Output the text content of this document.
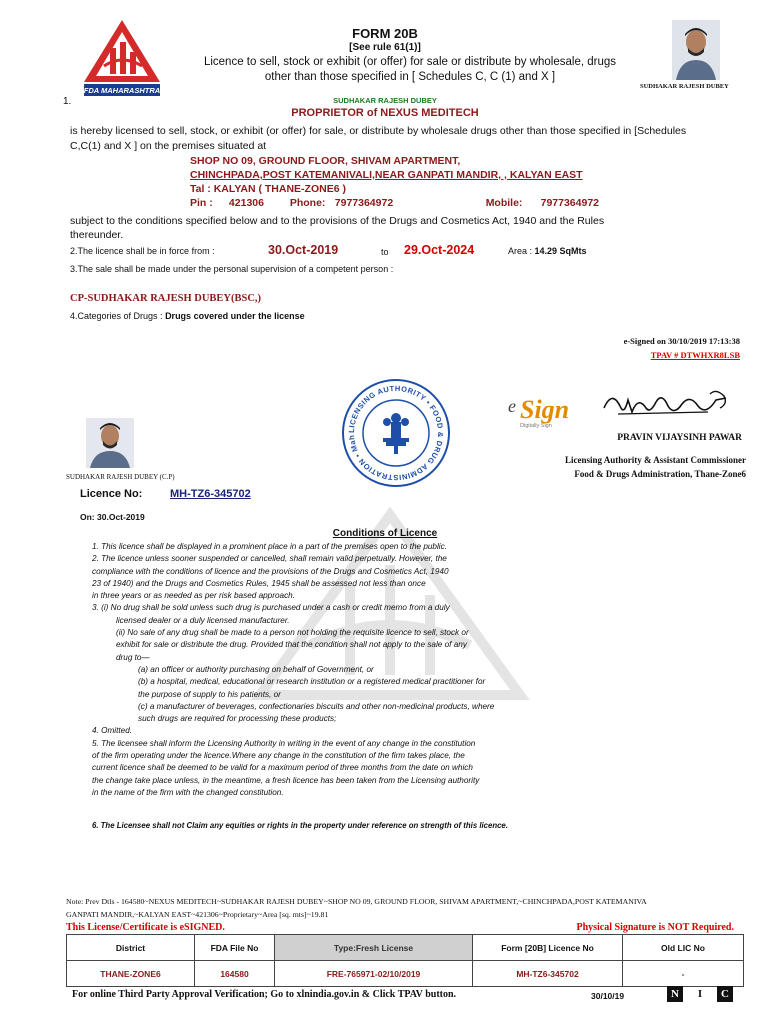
FDA MAHARASHTRA
FORM 20B
[See rule 61(1)]
Licence to sell, stock or exhibit (or offer) for sale or distribute by wholesale, drugs other than those specified in [ Schedules C, C (1) and X ]
SUDHAKAR RAJESH DUBEY
1.	SUDHAKAR RAJESH DUBEY
PROPRIETOR of NEXUS MEDITECH
is hereby licensed to sell, stock, or exhibit (or offer) for sale, or distribute by wholesale drugs other than those specified in [Schedules C,C(1) and X ] on the premises situated at
SHOP NO 09, GROUND FLOOR, SHIVAM APARTMENT,
CHINCHPADA,POST KATEMANIVALI,NEAR GANPATI MANDIR, , KALYAN EAST
Tal : KALYAN ( THANE-ZONE6 )
Pin : 421306 Phone: 7977364972	Mobile: 7977364972
subject to the conditions specified below and to the provisions of the Drugs and Cosmetics Act, 1940 and the Rules thereunder.
2.The licence shall be in force from :	30.Oct-2019	to 29.Oct-2024	Area : 14.29 SqMts
3.The sale shall be made under the personal supervision of a competent person :
CP-SUDHAKAR RAJESH DUBEY(BSC,)
4.Categories of Drugs : Drugs covered under the license
e-Signed on 30/10/2019 17:13:38
TPAV # DTWHXR8LSB
LICENSING AUTHORITY • FOOD & DRUG ADMINISTRATION • Mah
e Sign
Digitally Sign
PRAVIN VIJAYSINH PAWAR
Licensing Authority & Assistant Commissioner
Food & Drugs Administration, Thane-Zone6
SUDHAKAR RAJESH DUBEY (C.P)
Licence No:	MH-TZ6-345702
On: 30.Oct-2019
Conditions of Licence

1. This licence shall be displayed in a prominent place in a part of the premises open to the public.

2. The licence unless sooner suspended or cancelled, shall remain valid perpetually. However, the

compliance with the conditions of licence and the provisions of the Drugs and Cosmetics Act, 1940

23 of 1940) and the Drugs and Cosmetics Rules, 1945 shall be assessed not less than once

in three years or as needed as per risk based approach.

3. (i) No drug shall be sold unless such drug is purchased under a cash or credit memo from a duly

licensed dealer or a duly licensed manufacturer.

(ii) No sale of any drug shall be made to a person not holding the requisite licence to sell, stock or

exhibit for sale or distribute the drug. Provided that the condition shall not apply to the sale of any

drug to—

(a) an officer or authority purchasing on behalf of Government, or

(b) a hospital, medical, educational or research institution or a registered medical practitioner for

the purpose of supply to his patients, or

(c) a manufacturer of beverages, confectionaries biscuits and other non-medicinal products, where

such drugs are required for processing these products;

4. Omitted.

5. The licensee shall inform the Licensing Authority in writing in the event of any change in the constitution

of the firm operating under the licence.Where any change in the constitution of the firm takes place, the

current licence shall be deemed to be valid for a maximum period of three months from the date on which

the change take place unless, in the meantime, a fresh licence has been taken from the Licensing authority

in the name of the firm with the changed constitution.

6. The Licensee shall not Claim any equities or rights in the property under reference on strength of this licence.
Note: Prev Dtls - 164580~NEXUS MEDITECH~SUDHAKAR RAJESH DUBEY~SHOP NO 09, GROUND FLOOR, SHIVAM APARTMENT,~CHINCHPADA,POST KATEMANIVA
GANPATI MANDIR,~KALYAN EAST~421306~Proprietary~Area [sq. mts]~19.81
This License/Certificate is eSIGNED.	Physical Signature is NOT Required.
District	FDA File No	Type:Fresh License	Form [20B] Licence No	Old LIC No
THANE-ZONE6	164580	FRE-765971-02/10/2019	MH-TZ6-345702	-
For online Third Party Approval Verification; Go to xlnindia.gov.in & Click TPAV button.	30/10/19	N	I	C
